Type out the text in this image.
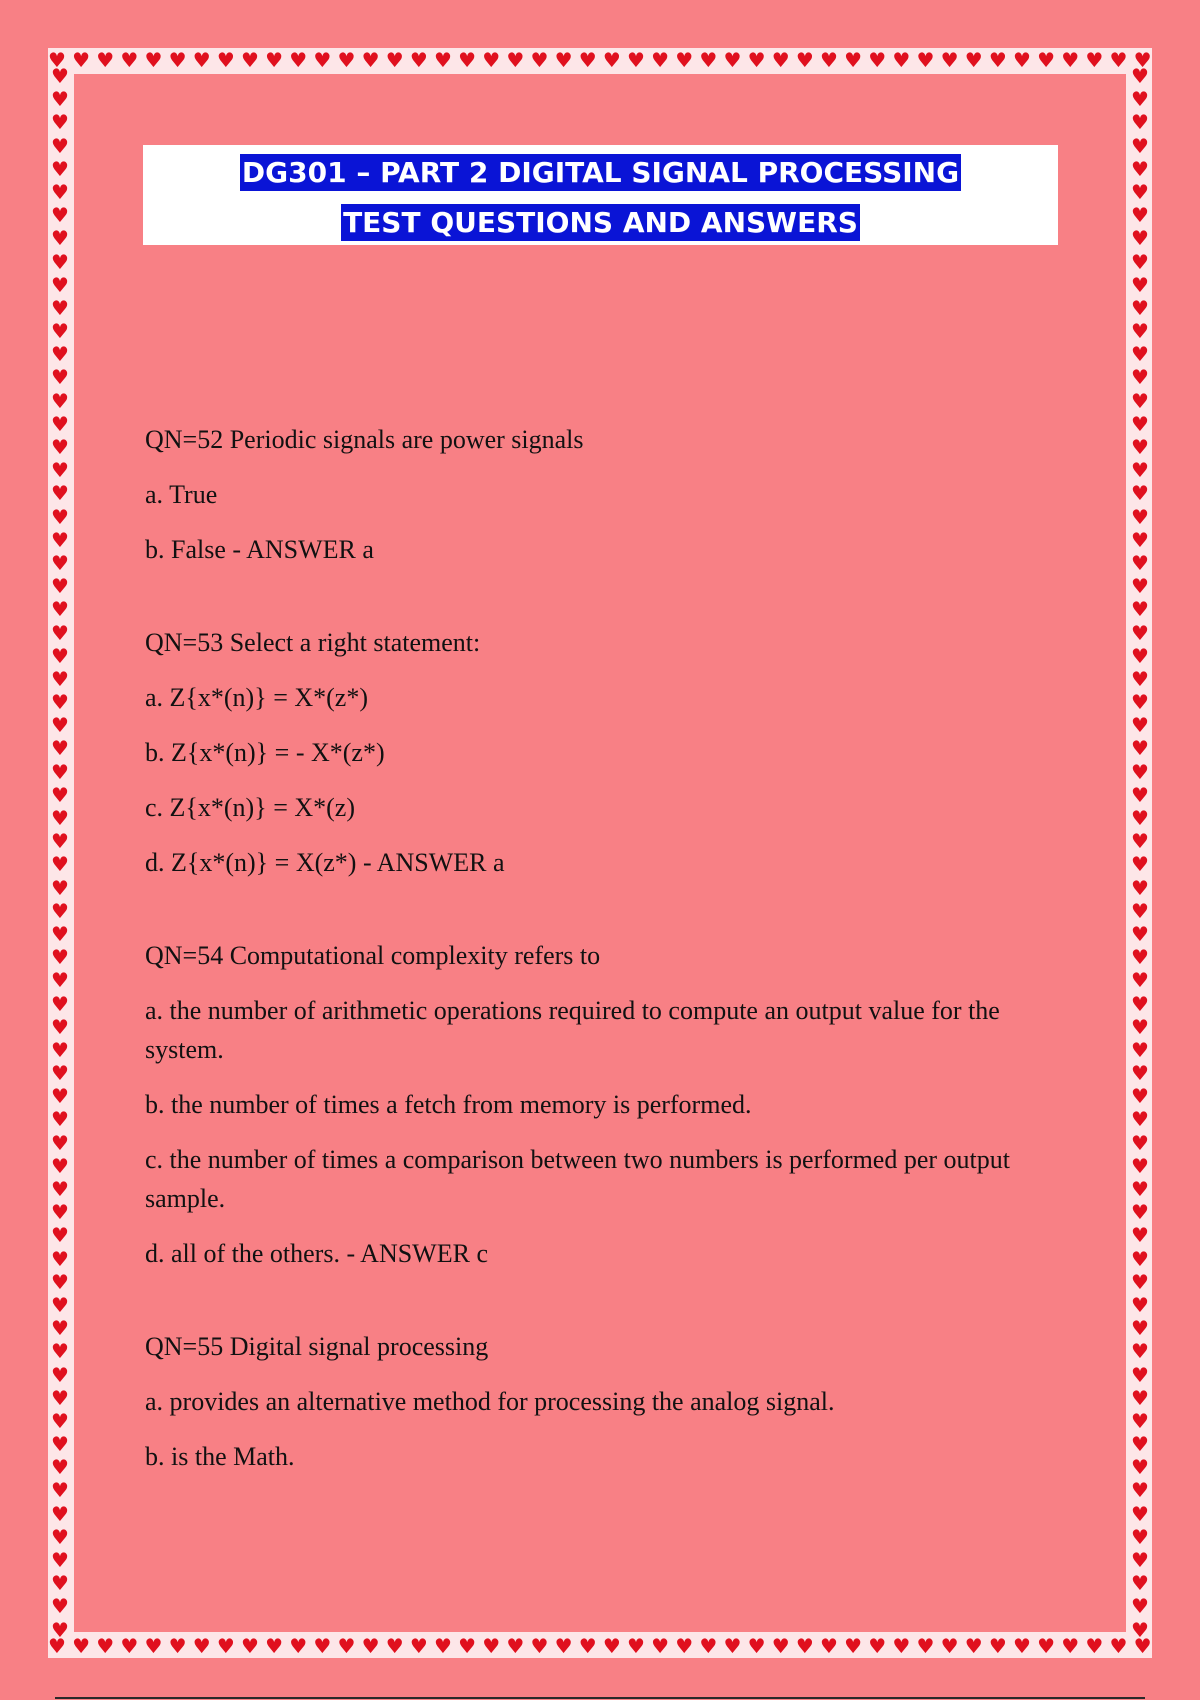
♥ ♥ ♥ ♥ ♥ ♥ ♥ ♥ ♥ ♥ ♥ ♥ ♥ ♥ ♥ ♥ ♥ ♥ ♥ ♥ ♥ ♥ ♥ ♥ ♥ ♥ ♥ ♥ ♥ ♥ ♥ ♥ ♥ ♥ ♥ ♥ ♥ ♥ ♥ ♥ ♥ ♥ ♥ ♥ ♥ ♥
♥
♥
♥
♥
♥
♥
♥
♥
♥
♥
♥
♥
♥
♥
♥
♥
♥
♥
♥
♥
♥
♥
♥
♥
♥
♥
♥
♥
♥
♥
♥
♥
♥
♥
♥
♥
♥
♥
♥
♥
♥
♥
♥
♥
♥
♥
♥
♥
♥
♥
♥
♥
♥
♥
♥
♥
♥
♥
♥
♥
♥
♥
♥
♥
♥
♥
♥
♥
♥
♥
♥
♥
♥
♥
♥
♥
♥
♥
♥
♥
♥
♥
♥
♥
♥
♥
♥
♥
♥
♥
♥
♥
♥
♥
♥
♥
♥
♥
♥
♥
♥
♥
♥
♥
♥
♥
♥
♥
♥
♥
♥
♥
♥
♥
♥
♥
♥
♥
♥
♥
♥
♥
♥
♥
♥
♥
♥
♥
♥
♥
♥
♥
♥
♥
♥
♥
♥ ♥ ♥ ♥ ♥ ♥ ♥ ♥ ♥ ♥ ♥ ♥ ♥ ♥ ♥ ♥ ♥ ♥ ♥ ♥ ♥ ♥ ♥ ♥ ♥ ♥ ♥ ♥ ♥ ♥ ♥ ♥ ♥ ♥ ♥ ♥ ♥ ♥ ♥ ♥ ♥ ♥ ♥ ♥ ♥ ♥
DG301 – PART 2 DIGITAL SIGNAL PROCESSING
TEST QUESTIONS AND ANSWERS

QN=52 Periodic signals are power signals

a. True

b. False - ANSWER a

QN=53 Select a right statement:

a. Z{x*(n)} = X*(z*)

b. Z{x*(n)} = - X*(z*)

c. Z{x*(n)} = X*(z)

d. Z{x*(n)} = X(z*) - ANSWER a

QN=54 Computational complexity refers to

a. the number of arithmetic operations required to compute an output value for the system.

b. the number of times a fetch from memory is performed.

c. the number of times a comparison between two numbers is performed per output sample.

d. all of the others. - ANSWER c

QN=55 Digital signal processing

a. provides an alternative method for processing the analog signal.

b. is the Math.
